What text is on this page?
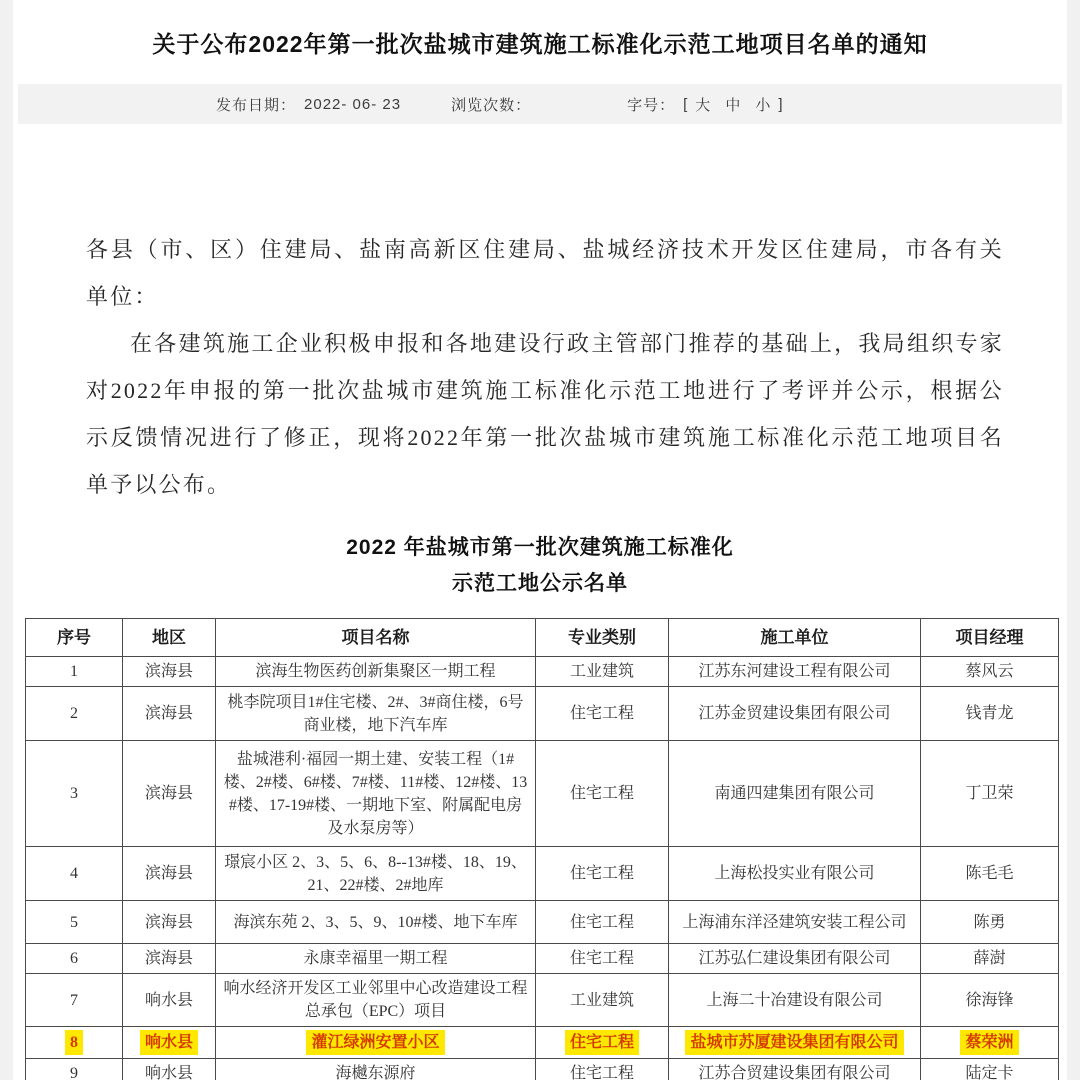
关于公布2022年第一批次盐城市建筑施工标准化示范工地项目名单的通知
发布日期： 2022- 06- 23	浏览次数：	字号： [ 大 中 小 ]

各县（市、区）住建局、盐南高新区住建局、盐城经济技术开发区住建局，市各有关单位：

在各建筑施工企业积极申报和各地建设行政主管部门推荐的基础上，我局组织专家对2022年申报的第一批次盐城市建筑施工标准化示范工地进行了考评并公示，根据公示反馈情况进行了修正，现将2022年第一批次盐城市建筑施工标准化示范工地项目名单予以公布。

2022 年盐城市第一批次建筑施工标准化
示范工地公示名单
序号	地区	项目名称	专业类别	施工单位	项目经理
1	滨海县	滨海生物医药创新集聚区一期工程	工业建筑	江苏东河建设工程有限公司	蔡风云
2	滨海县	桃李院项目1#住宅楼、2#、3#商住楼，6号商业楼，地下汽车库	住宅工程	江苏金贸建设集团有限公司	钱青龙
3	滨海县	盐城港利·福园一期土建、安装工程（1#楼、2#楼、6#楼、7#楼、11#楼、12#楼、13#楼、17-19#楼、一期地下室、附属配电房及水泵房等）	住宅工程	南通四建集团有限公司	丁卫荣
4	滨海县	璟宸小区 2、3、5、6、8--13#楼、18、19、21、22#楼、2#地库	住宅工程	上海松投实业有限公司	陈毛毛
5	滨海县	海滨东苑 2、3、5、9、10#楼、地下车库	住宅工程	上海浦东洋泾建筑安装工程公司	陈勇
6	滨海县	永康幸福里一期工程	住宅工程	江苏弘仁建设集团有限公司	薛澍
7	响水县	响水经济开发区工业邻里中心改造建设工程总承包（EPC）项目	工业建筑	上海二十冶建设有限公司	徐海锋
8	响水县	灌江绿洲安置小区	住宅工程	盐城市苏厦建设集团有限公司	蔡荣洲
9	响水县	海樾东源府	住宅工程	江苏合贸建设集团有限公司	陆定卡
